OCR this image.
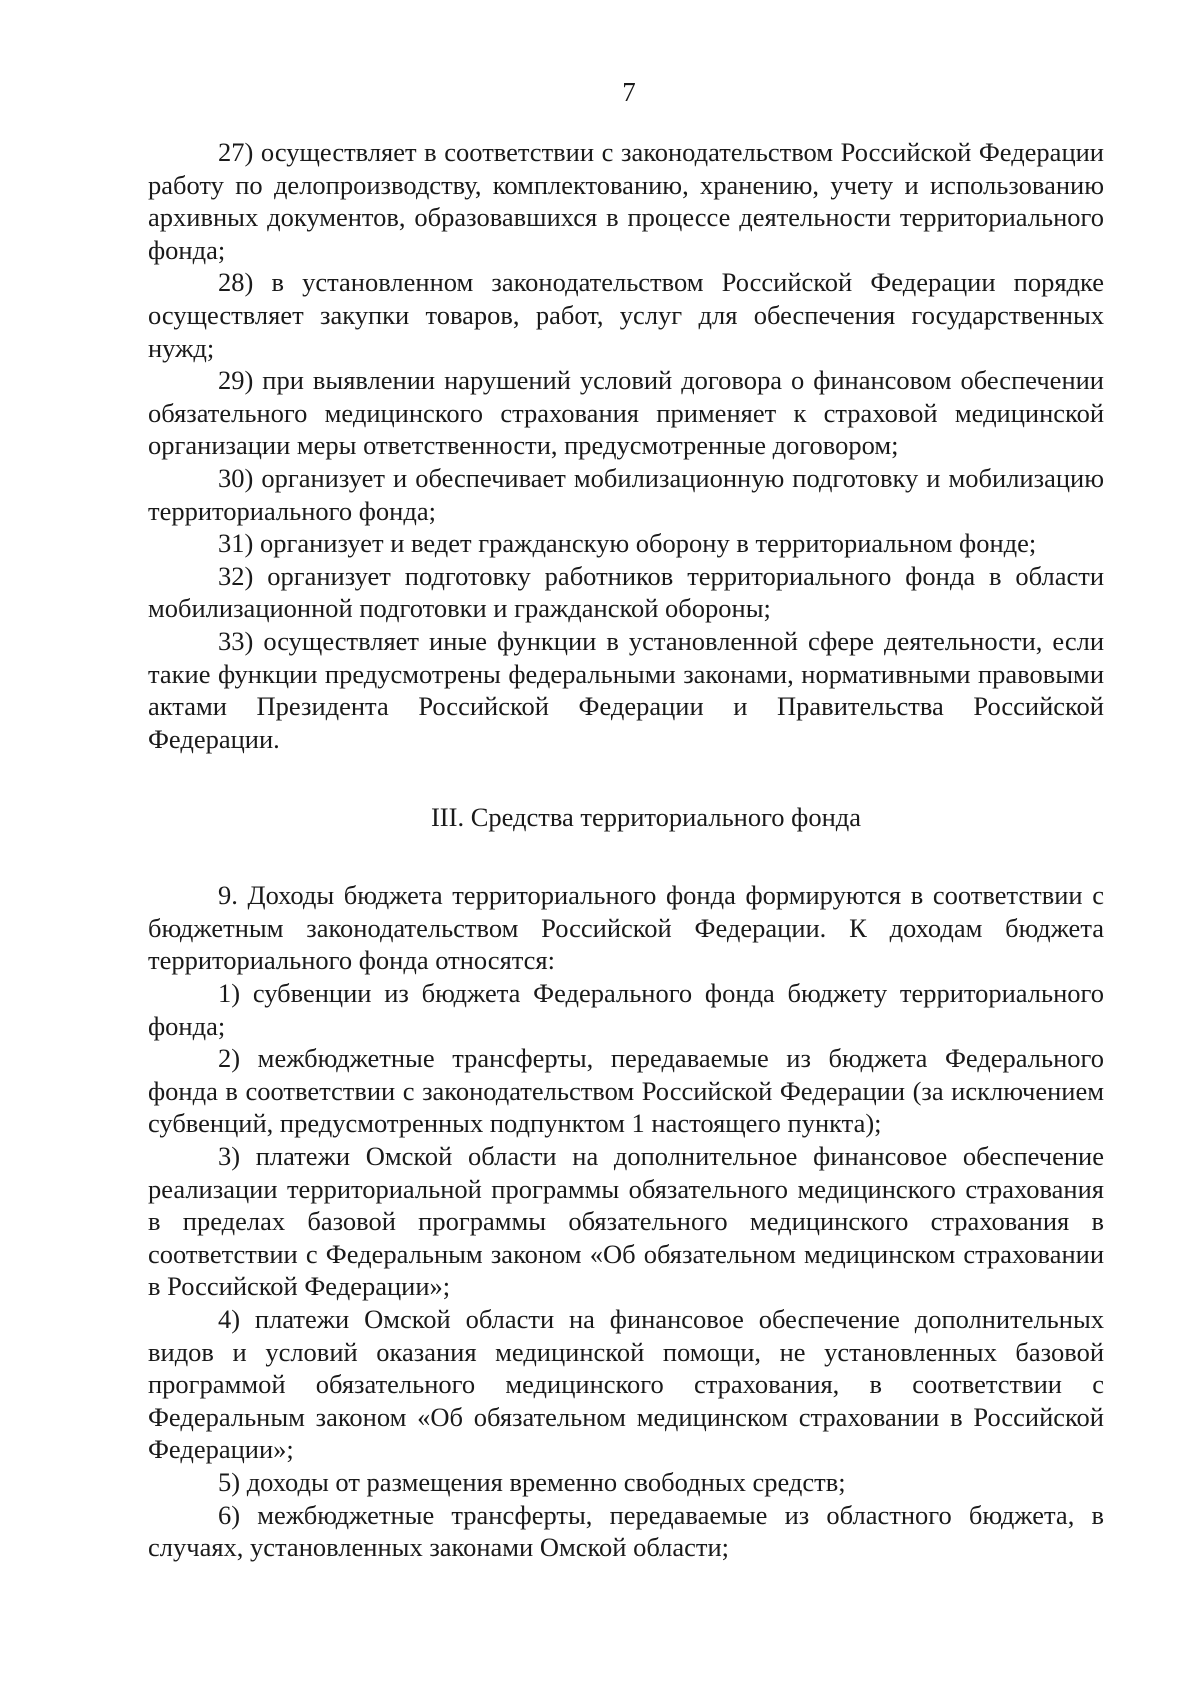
7

27) осуществляет в соответствии с законодательством Российской Федерации работу по делопроизводству, комплектованию, хранению, учету и использованию архивных документов, образовавшихся в процессе деятельности территориального фонда;

28) в установленном законодательством Российской Федерации порядке осуществляет закупки товаров, работ, услуг для обеспечения государственных нужд;

29) при выявлении нарушений условий договора о финансовом обеспечении обязательного медицинского страхования применяет к страховой медицинской организации меры ответственности, предусмотренные договором;

30) организует и обеспечивает мобилизационную подготовку и мобилизацию территориального фонда;

31) организует и ведет гражданскую оборону в территориальном фонде;

32) организует подготовку работников территориального фонда в области мобилизационной подготовки и гражданской обороны;

33) осуществляет иные функции в установленной сфере деятельности, если такие функции предусмотрены федеральными законами, нормативными правовыми актами Президента Российской Федерации и Правительства Российской Федерации.

III. Средства территориального фонда

9. Доходы бюджета территориального фонда формируются в соответствии с бюджетным законодательством Российской Федерации. К доходам бюджета территориального фонда относятся:

1) субвенции из бюджета Федерального фонда бюджету территориального фонда;

2) межбюджетные трансферты, передаваемые из бюджета Федерального фонда в соответствии с законодательством Российской Федерации (за исключением субвенций, предусмотренных подпунктом 1 настоящего пункта);

3) платежи Омской области на дополнительное финансовое обеспечение реализации территориальной программы обязательного медицинского страхования в пределах базовой программы обязательного медицинского страхования в соответствии с Федеральным законом «Об обязательном медицинском страховании в Российской Федерации»;

4) платежи Омской области на финансовое обеспечение дополнительных видов и условий оказания медицинской помощи, не установленных базовой программой обязательного медицинского страхования, в соответствии с Федеральным законом «Об обязательном медицинском страховании в Российской Федерации»;

5) доходы от размещения временно свободных средств;

6) межбюджетные трансферты, передаваемые из областного бюджета, в случаях, установленных законами Омской области;
